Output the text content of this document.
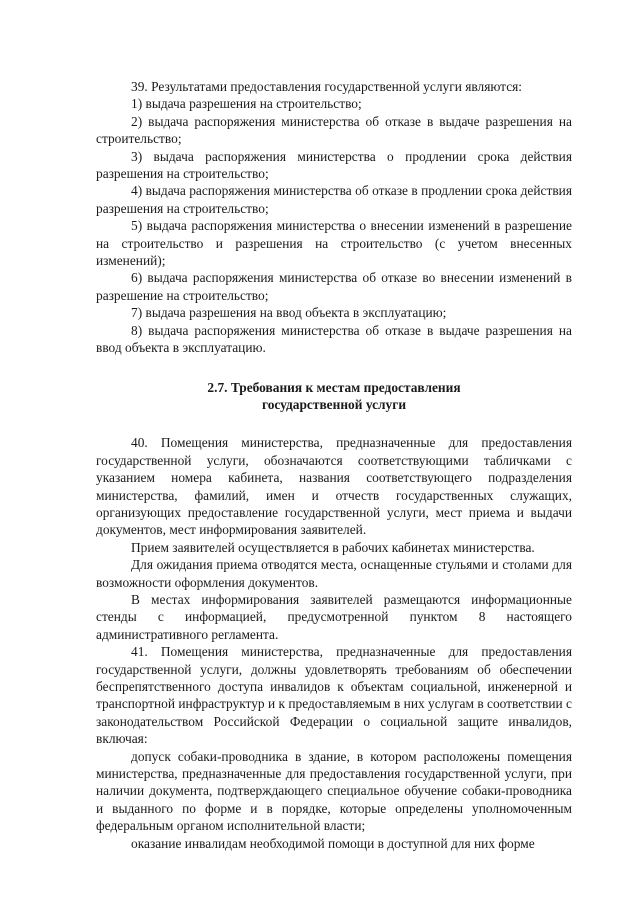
39. Результатами предоставления государственной услуги являются:

1) выдача разрешения на строительство;

2) выдача распоряжения министерства об отказе в выдаче разрешения на строительство;

3) выдача распоряжения министерства о продлении срока действия разрешения на строительство;

4) выдача распоряжения министерства об отказе в продлении срока действия разрешения на строительство;

5) выдача распоряжения министерства о внесении изменений в разрешение на строительство и разрешения на строительство (с учетом внесенных изменений);

6) выдача распоряжения министерства об отказе во внесении изменений в разрешение на строительство;

7) выдача разрешения на ввод объекта в эксплуатацию;

8) выдача распоряжения министерства об отказе в выдаче разрешения на ввод объекта в эксплуатацию.

2.7. Требования к местам предоставления
государственной услуги

40. Помещения министерства, предназначенные для предоставления государственной услуги, обозначаются соответствующими табличками с указанием номера кабинета, названия соответствующего подразделения министерства, фамилий, имен и отчеств государственных служащих, организующих предоставление государственной услуги, мест приема и выдачи документов, мест информирования заявителей.

Прием заявителей осуществляется в рабочих кабинетах министерства.

Для ожидания приема отводятся места, оснащенные стульями и столами для возможности оформления документов.

В местах информирования заявителей размещаются информационные стенды с информацией, предусмотренной пунктом 8 настоящего административного регламента.

41. Помещения министерства, предназначенные для предоставления государственной услуги, должны удовлетворять требованиям об обеспечении беспрепятственного доступа инвалидов к объектам социальной, инженерной и транспортной инфраструктур и к предоставляемым в них услугам в соответствии с законодательством Российской Федерации о социальной защите инвалидов, включая:

допуск собаки-проводника в здание, в котором расположены помещения министерства, предназначенные для предоставления государственной услуги, при наличии документа, подтверждающего специальное обучение собаки-проводника и выданного по форме и в порядке, которые определены уполномоченным федеральным органом исполнительной власти;

оказание инвалидам необходимой помощи в доступной для них форме
